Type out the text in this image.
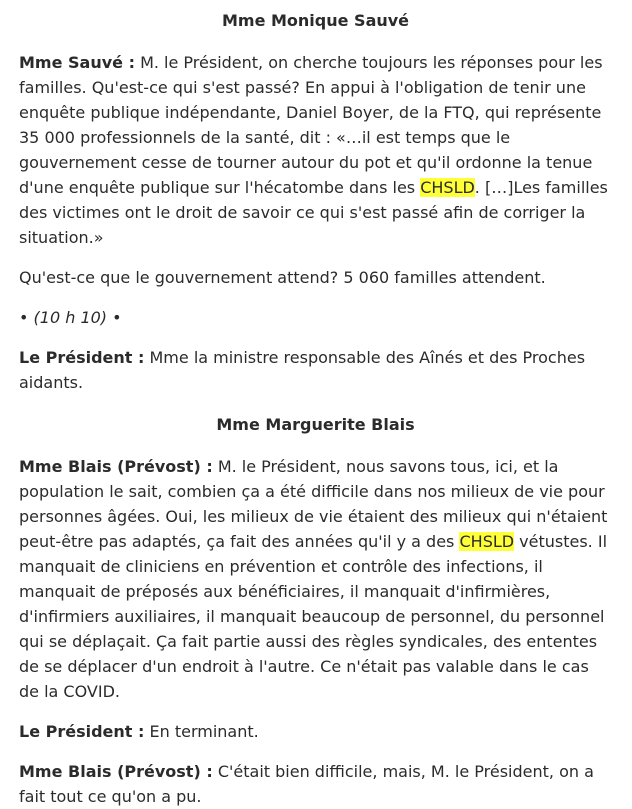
Mme Monique Sauvé

Mme Sauvé : M. le Président, on cherche toujours les réponses pour les familles. Qu'est-ce qui s'est passé? En appui à l'obligation de tenir une enquête publique indépendante, Daniel Boyer, de la FTQ, qui représente 35 000 professionnels de la santé, dit : «…il est temps que le gouvernement cesse de tourner autour du pot et qu'il ordonne la tenue d'une enquête publique sur l'hécatombe dans les CHSLD. […]Les familles des victimes ont le droit de savoir ce qui s'est passé afin de corriger la situation.»

Qu'est-ce que le gouvernement attend? 5 060 familles attendent.

• (10 h 10) •

Le Président : Mme la ministre responsable des Aînés et des Proches aidants.

Mme Marguerite Blais

Mme Blais (Prévost) : M. le Président, nous savons tous, ici, et la population le sait, combien ça a été difficile dans nos milieux de vie pour personnes âgées. Oui, les milieux de vie étaient des milieux qui n'étaient peut-être pas adaptés, ça fait des années qu'il y a des CHSLD vétustes. Il manquait de cliniciens en prévention et contrôle des infections, il manquait de préposés aux bénéficiaires, il manquait d'infirmières, d'infirmiers auxiliaires, il manquait beaucoup de personnel, du personnel qui se déplaçait. Ça fait partie aussi des règles syndicales, des ententes de se déplacer d'un endroit à l'autre. Ce n'était pas valable dans le cas de la COVID.

Le Président : En terminant.

Mme Blais (Prévost) : C'était bien difficile, mais, M. le Président, on a fait tout ce qu'on a pu.
